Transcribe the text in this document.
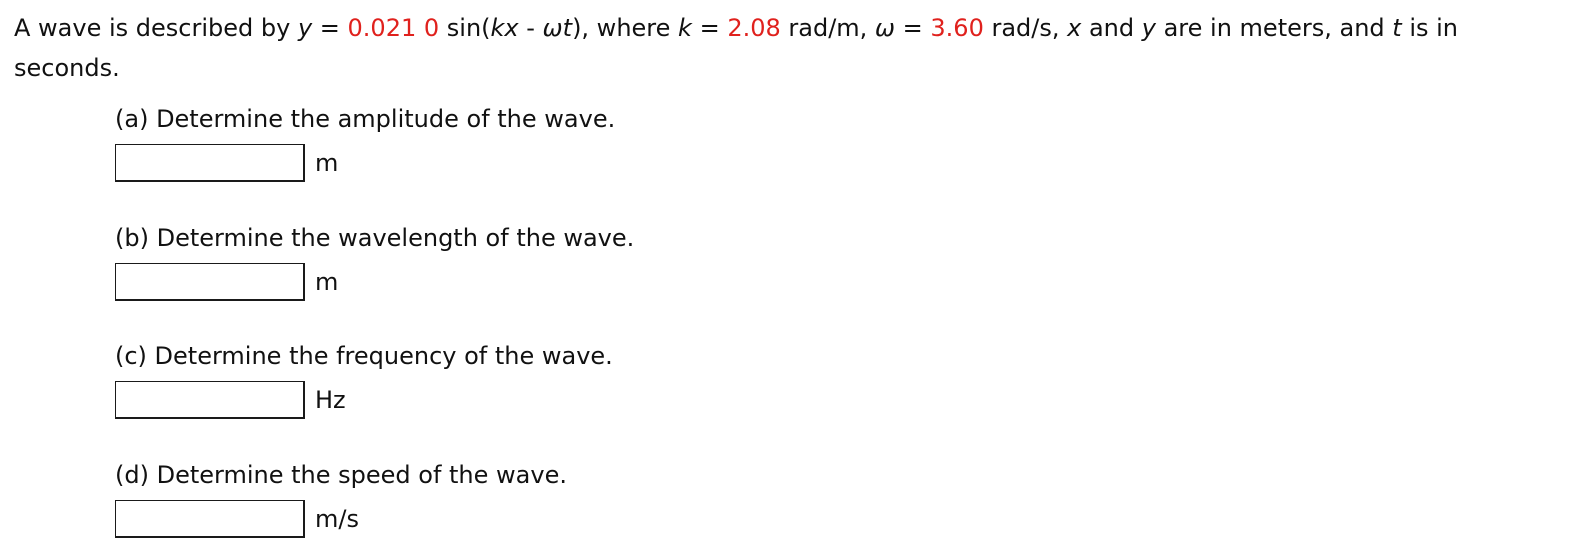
A wave is described by y = 0.021 0 sin(kx - ωt), where k = 2.08 rad/m, ω = 3.60 rad/s, x and y are in meters, and t is in
seconds.
(a) Determine the amplitude of the wave.
m
(b) Determine the wavelength of the wave.
m
(c) Determine the frequency of the wave.
Hz
(d) Determine the speed of the wave.
m/s
